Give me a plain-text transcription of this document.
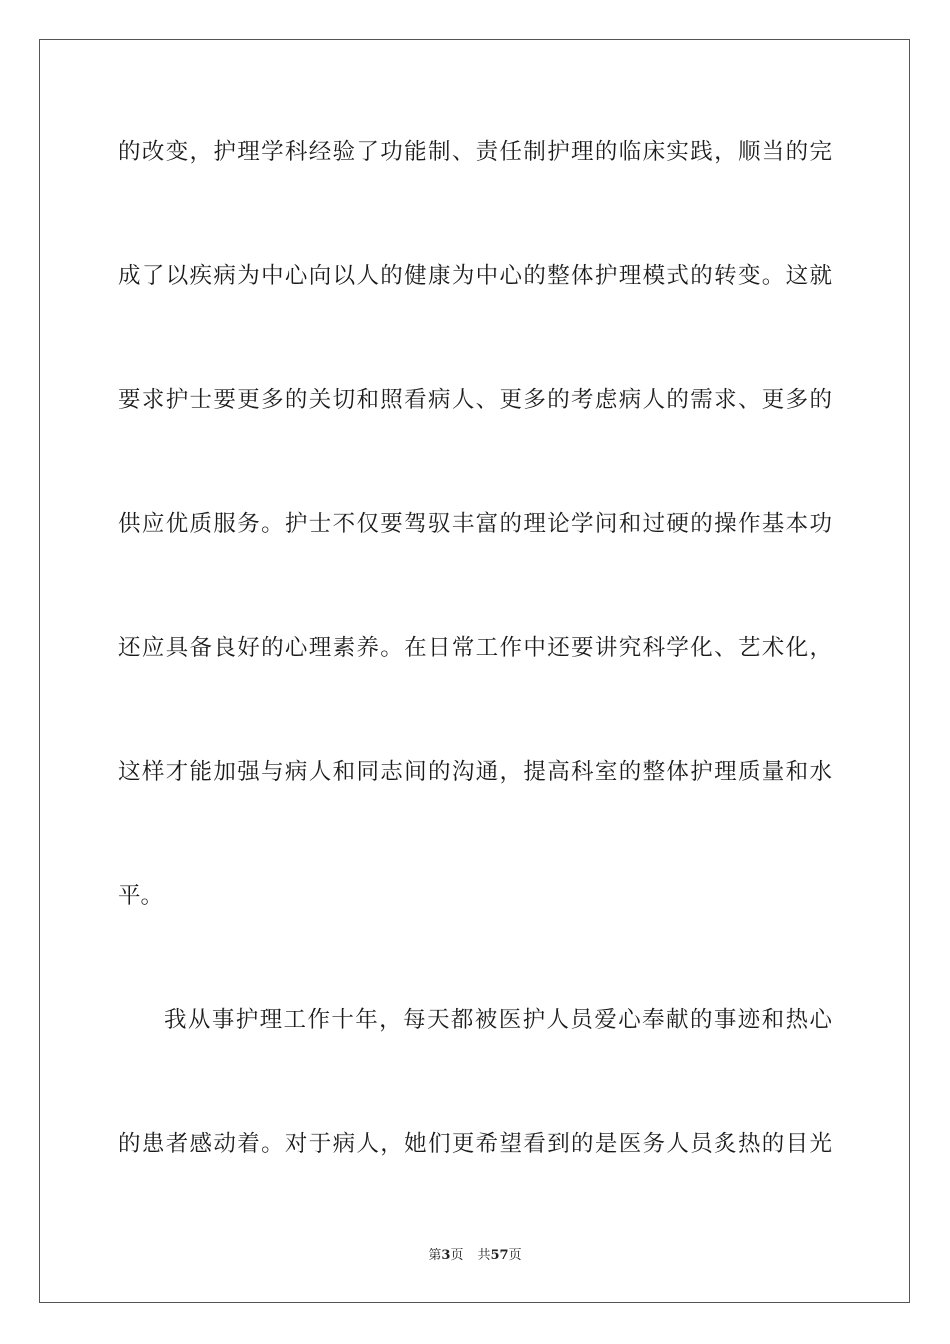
的改变，护理学科经验了功能制、责任制护理的临床实践，顺当的完
成了以疾病为中心向以人的健康为中心的整体护理模式的转变。这就
要求护士要更多的关切和照看病人、更多的考虑病人的需求、更多的
供应优质服务。护士不仅要驾驭丰富的理论学问和过硬的操作基本功
还应具备良好的心理素养。在日常工作中还要讲究科学化、艺术化，
这样才能加强与病人和同志间的沟通，提高科室的整体护理质量和水
平。
我从事护理工作十年，每天都被医护人员爱心奉献的事迹和热心
的患者感动着。对于病人，她们更希望看到的是医务人员炙热的目光
第3页 共57页
